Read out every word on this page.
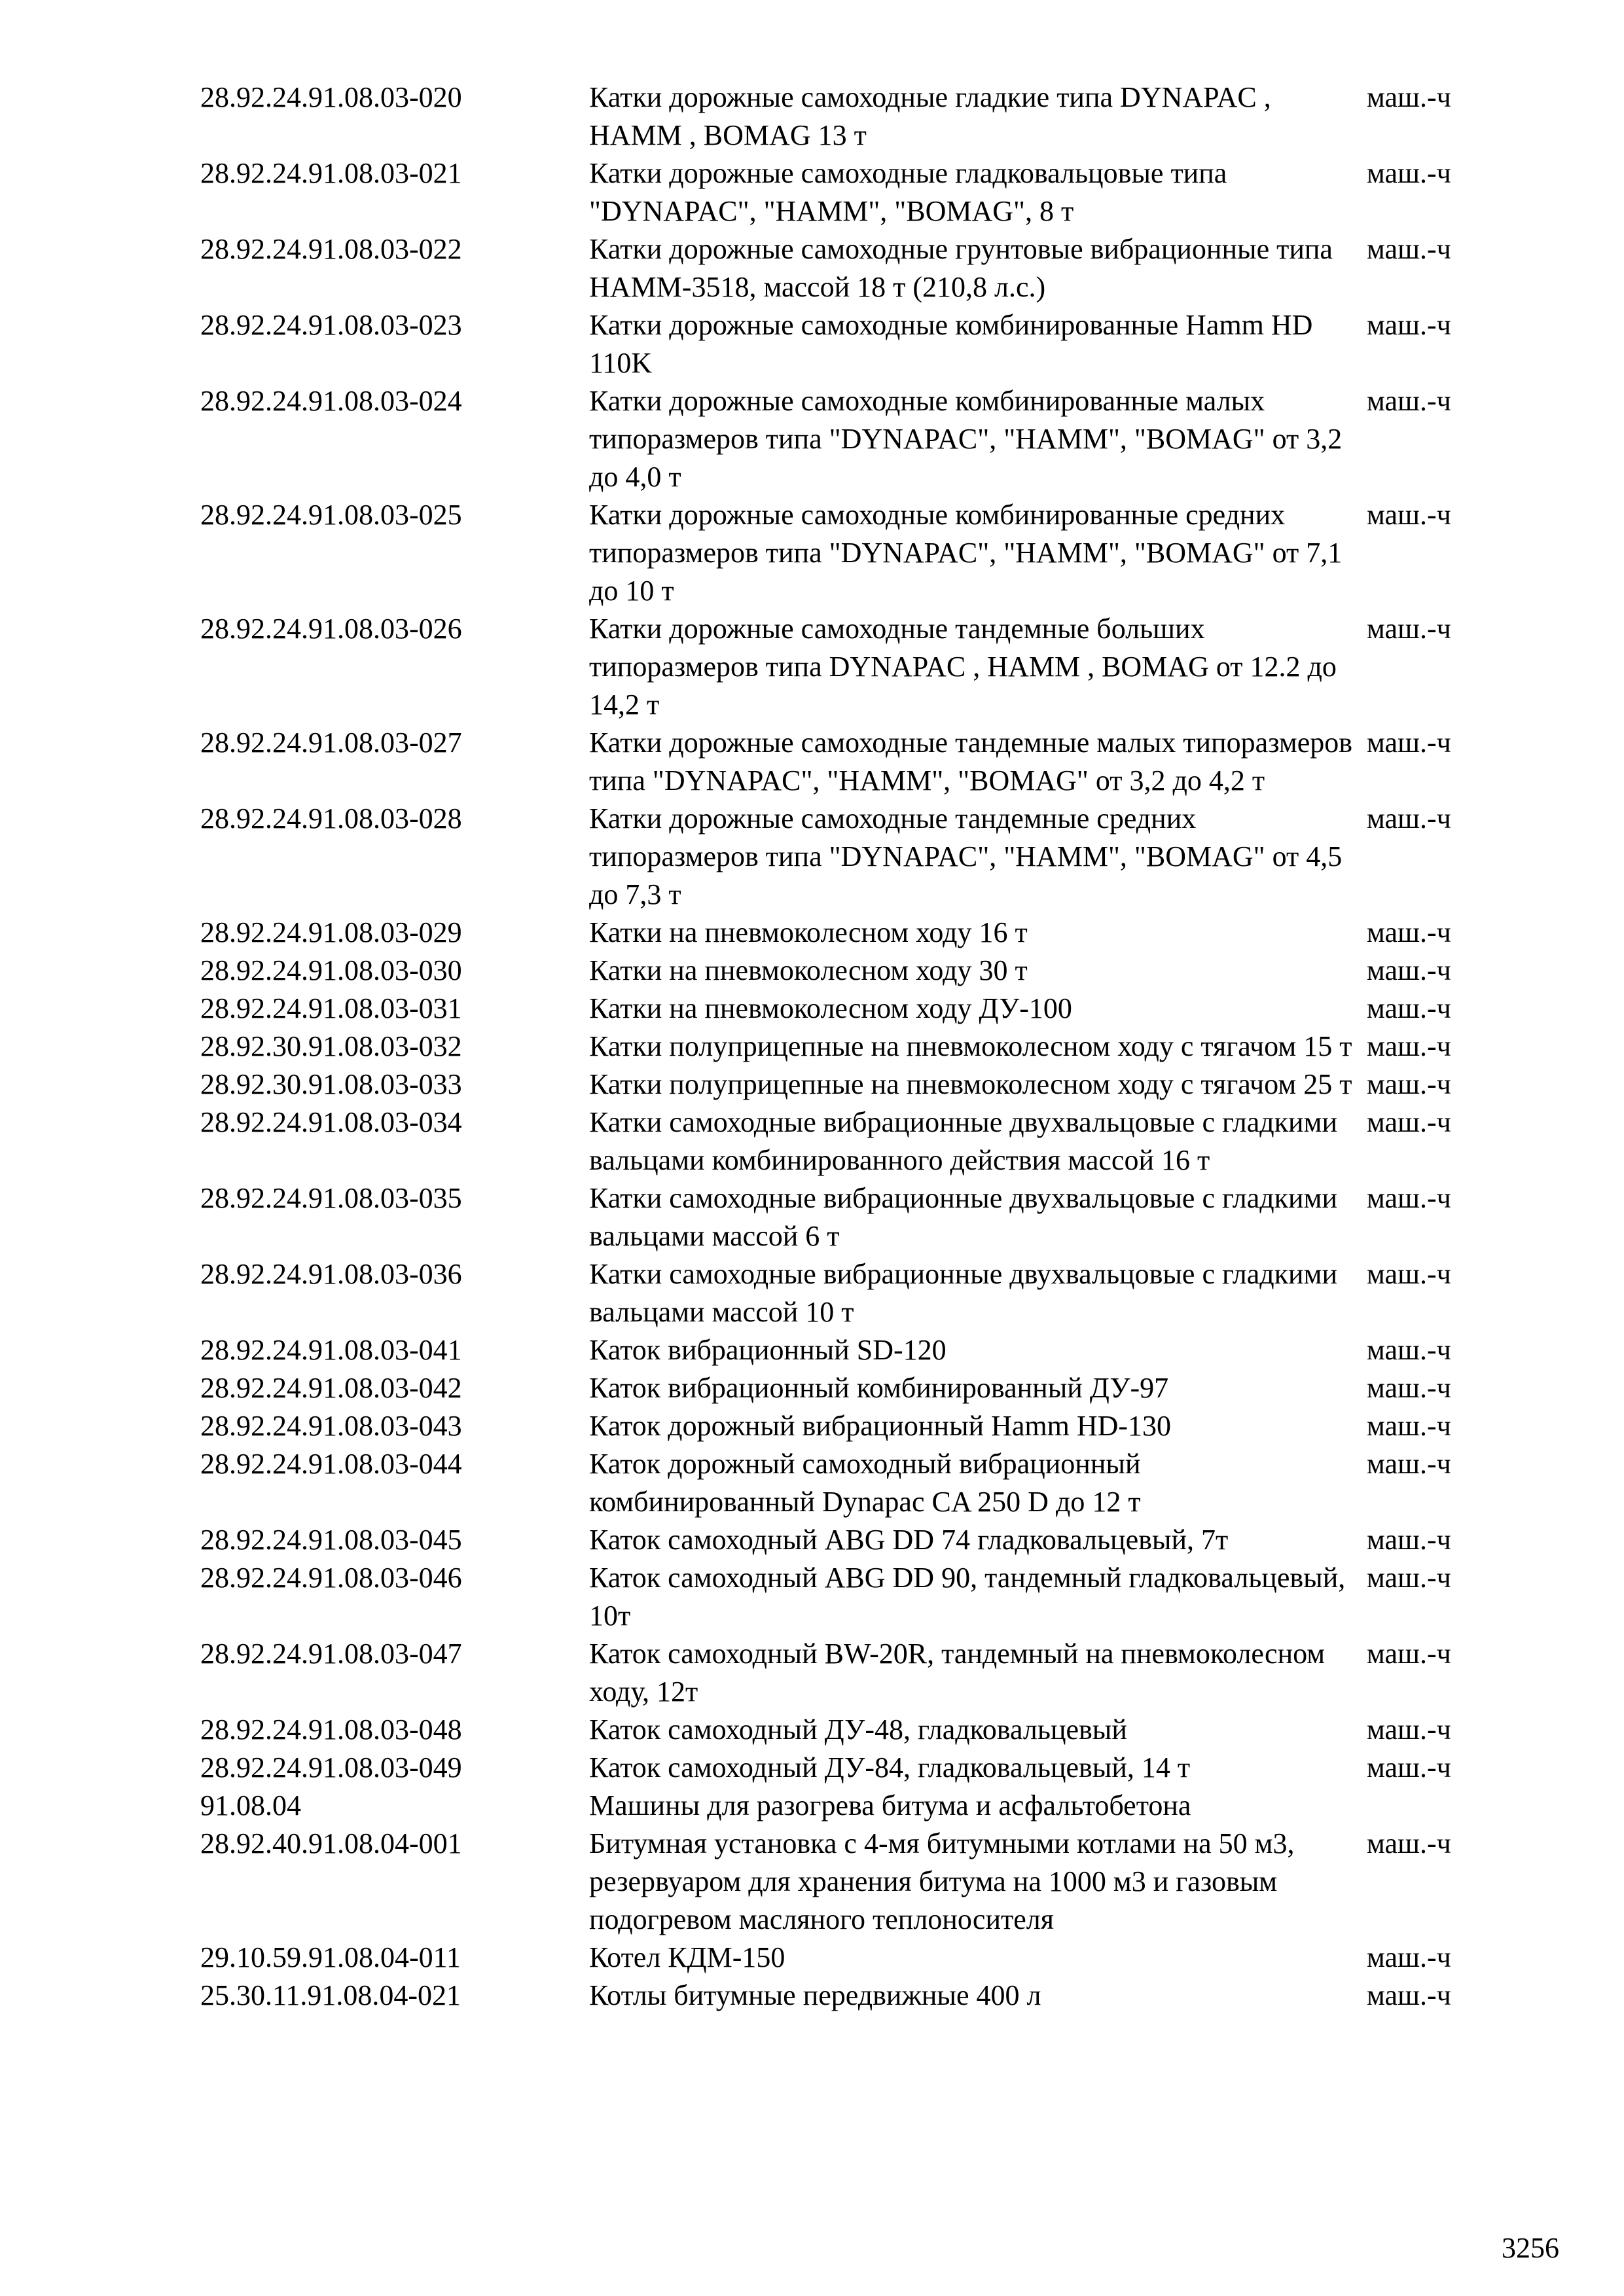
28.92.24.91.08.03-020	Катки дорожные самоходные гладкие типа DYNAPAC , HAMM , BOMAG 13 т	маш.-ч
28.92.24.91.08.03-021	Катки дорожные самоходные гладковальцовые типа "DYNAPAC", "HAMM", "BOMAG", 8 т	маш.-ч
28.92.24.91.08.03-022	Катки дорожные самоходные грунтовые вибрационные типа HAMM-3518, массой 18 т (210,8 л.с.)	маш.-ч
28.92.24.91.08.03-023	Катки дорожные самоходные комбинированные Hamm HD 110K	маш.-ч
28.92.24.91.08.03-024	Катки дорожные самоходные комбинированные малых типоразмеров типа "DYNAPAC", "HAMM", "BOMAG" от 3,2 до 4,0 т	маш.-ч
28.92.24.91.08.03-025	Катки дорожные самоходные комбинированные средних типоразмеров типа "DYNAPAC", "HAMM", "BOMAG" от 7,1 до 10 т	маш.-ч
28.92.24.91.08.03-026	Катки дорожные самоходные тандемные больших типоразмеров типа DYNAPAC , HAMM , BOMAG от 12.2 до 14,2 т	маш.-ч
28.92.24.91.08.03-027	Катки дорожные самоходные тандемные малых типоразмеров типа "DYNAPAC", "HAMM", "BOMAG" от 3,2 до 4,2 т	маш.-ч
28.92.24.91.08.03-028	Катки дорожные самоходные тандемные средних типоразмеров типа "DYNAPAC", "HAMM", "BOMAG" от 4,5 до 7,3 т	маш.-ч
28.92.24.91.08.03-029	Катки на пневмоколесном ходу 16 т	маш.-ч
28.92.24.91.08.03-030	Катки на пневмоколесном ходу 30 т	маш.-ч
28.92.24.91.08.03-031	Катки на пневмоколесном ходу ДУ-100	маш.-ч
28.92.30.91.08.03-032	Катки полуприцепные на пневмоколесном ходу с тягачом 15 т	маш.-ч
28.92.30.91.08.03-033	Катки полуприцепные на пневмоколесном ходу с тягачом 25 т	маш.-ч
28.92.24.91.08.03-034	Катки самоходные вибрационные двухвальцовые с гладкими вальцами комбинированного действия массой 16 т	маш.-ч
28.92.24.91.08.03-035	Катки самоходные вибрационные двухвальцовые с гладкими вальцами массой 6 т	маш.-ч
28.92.24.91.08.03-036	Катки самоходные вибрационные двухвальцовые с гладкими вальцами массой 10 т	маш.-ч
28.92.24.91.08.03-041	Каток вибрационный SD-120	маш.-ч
28.92.24.91.08.03-042	Каток вибрационный комбинированный ДУ-97	маш.-ч
28.92.24.91.08.03-043	Каток дорожный вибрационный Hamm HD-130	маш.-ч
28.92.24.91.08.03-044	Каток дорожный самоходный вибрационный комбинированный Dynapac CA 250 D до 12 т	маш.-ч
28.92.24.91.08.03-045	Каток самоходный ABG DD 74 гладковальцевый, 7т	маш.-ч
28.92.24.91.08.03-046	Каток самоходный ABG DD 90, тандемный гладковальцевый, 10т	маш.-ч
28.92.24.91.08.03-047	Каток самоходный BW-20R, тандемный на пневмоколесном ходу, 12т	маш.-ч
28.92.24.91.08.03-048	Каток самоходный ДУ-48, гладковальцевый	маш.-ч
28.92.24.91.08.03-049	Каток самоходный ДУ-84, гладковальцевый, 14 т	маш.-ч
91.08.04	Машины для разогрева битума и асфальтобетона	
28.92.40.91.08.04-001	Битумная установка с 4-мя битумными котлами на 50 м3, резервуаром для хранения битума на 1000 м3 и газовым подогревом масляного теплоносителя	маш.-ч
29.10.59.91.08.04-011	Котел КДМ-150	маш.-ч
25.30.11.91.08.04-021	Котлы битумные передвижные 400 л	маш.-ч
3256
